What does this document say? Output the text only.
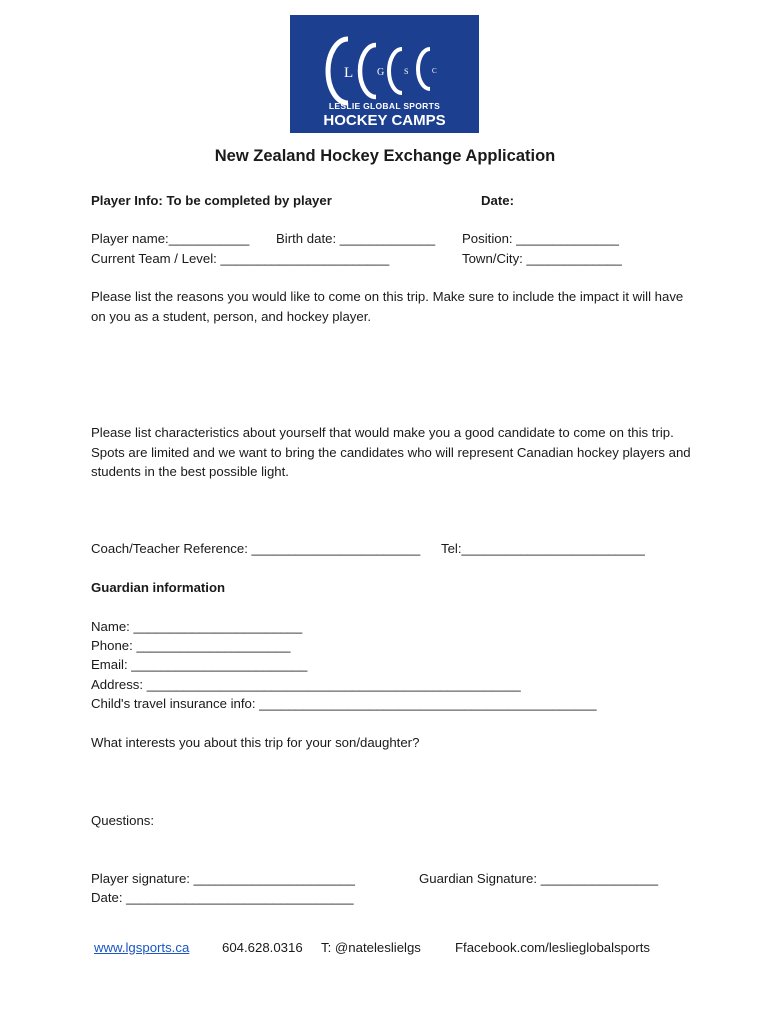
L G S	C
LESLIE GLOBAL SPORTS
HOCKEY CAMPS
New Zealand Hockey Exchange Application
Player Info: To be completed by player	Date:
Player name:___________ Birth date: _____________ Position: ______________
Current Team / Level: _______________________	Town/City: _____________
Please list the reasons you would like to come on this trip. Make sure to include the impact it will have on you as a student, person, and hockey player.
Please list characteristics about yourself that would make you a good candidate to come on this trip. Spots are limited and we want to bring the candidates who will represent Canadian hockey players and students in the best possible light.
Coach/Teacher Reference: _______________________ Tel:_________________________
Guardian information
Name: _______________________
Phone: _____________________
Email: ________________________
Address: ___________________________________________________
Child's travel insurance info: ______________________________________________
What interests you about this trip for your son/daughter?
Questions:
Player signature: ______________________	Guardian Signature: ________________
Date: _______________________________
www.lgsports.ca 604.628.0316 T: @nateleslielgs	Ffacebook.com/leslieglobalsports
